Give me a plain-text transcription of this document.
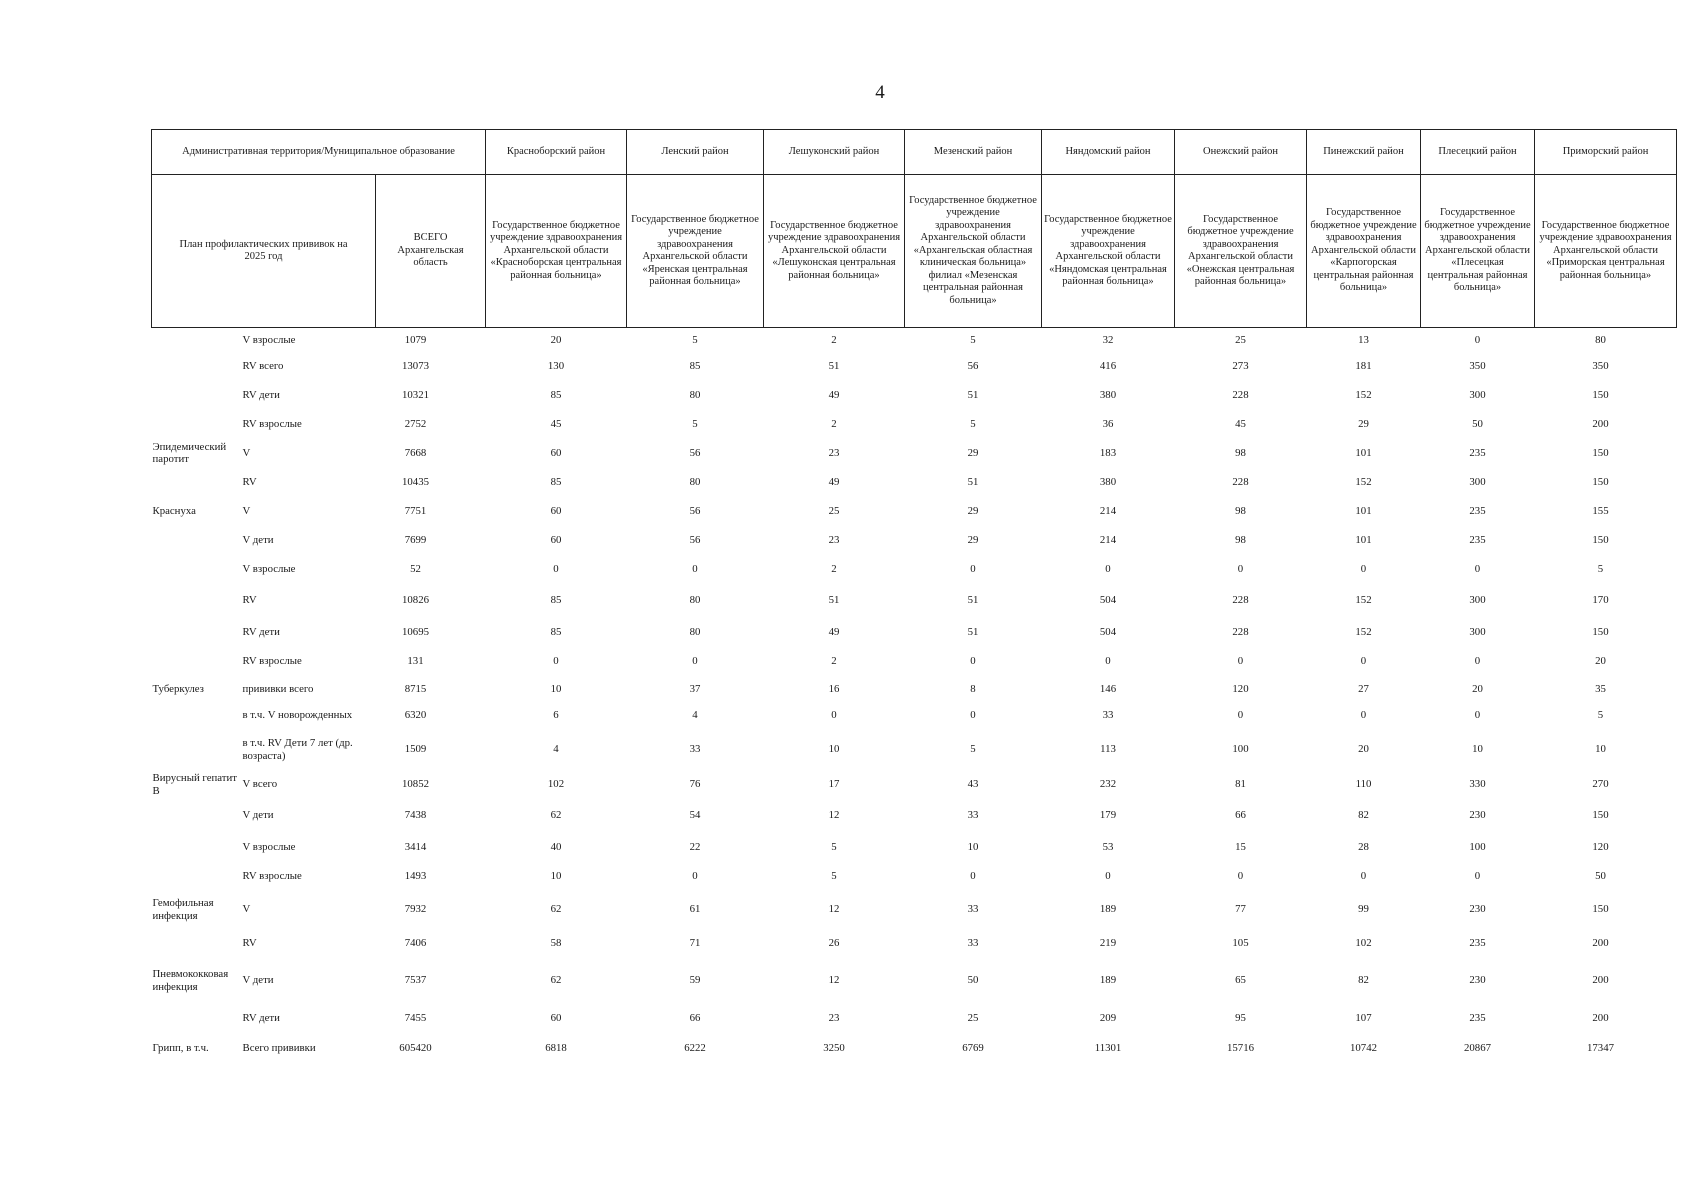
4
Административная территория/Муниципальное образование			Красноборский район	Ленский район	Лешуконский район	Мезенский район	Няндомский район	Онежский район	Пинежский район	Плесецкий район	Приморский район

План профилактических прививок на 2025 год		ВСЕГО Архангельская область	Государственное бюджетное учреждение здравоохранения Архангельской области «Красноборская центральная районная больница»	Государственное бюджетное учреждение здравоохранения Архангельской области «Яренская центральная районная больница»	Государственное бюджетное учреждение здравоохранения Архангельской области «Лешуконская центральная районная больница»	Государственное бюджетное учреждение здравоохранения Архангельской области «Архангельская областная клиническая больница» филиал «Мезенская центральная районная больница»	Государственное бюджетное учреждение здравоохранения Архангельской области «Няндомская центральная районная больница»	Государственное бюджетное учреждение здравоохранения Архангельской области «Онежская центральная районная больница»	Государственное бюджетное учреждение здравоохранения Архангельской области «Карпогорская центральная районная больница»	Государственное бюджетное учреждение здравоохранения Архангельской области «Плесецкая центральная районная больница»	Государственное бюджетное учреждение здравоохранения Архангельской области «Приморская центральная районная больница»
	V взрослые	1079	20	5	2	5	32	25	13	0	80
	RV всего	13073	130	85	51	56	416	273	181	350	350
	RV дети	10321	85	80	49	51	380	228	152	300	150
	RV взрослые	2752	45	5	2	5	36	45	29	50	200
Эпидемический паротит	V	7668	60	56	23	29	183	98	101	235	150
	RV	10435	85	80	49	51	380	228	152	300	150
Краснуха	V	7751	60	56	25	29	214	98	101	235	155
	V дети	7699	60	56	23	29	214	98	101	235	150
	V взрослые	52	0	0	2	0	0	0	0	0	5
	RV	10826	85	80	51	51	504	228	152	300	170
	RV дети	10695	85	80	49	51	504	228	152	300	150
	RV взрослые	131	0	0	2	0	0	0	0	0	20
Туберкулез	прививки всего	8715	10	37	16	8	146	120	27	20	35
	в т.ч. V новорожденных	6320	6	4	0	0	33	0	0	0	5
	в т.ч. RV Дети 7 лет (др. возраста)	1509	4	33	10	5	113	100	20	10	10
Вирусный гепатит В	V всего	10852	102	76	17	43	232	81	110	330	270
	V дети	7438	62	54	12	33	179	66	82	230	150
	V взрослые	3414	40	22	5	10	53	15	28	100	120
	RV взрослые	1493	10	0	5	0	0	0	0	0	50
Гемофильная инфекция	V	7932	62	61	12	33	189	77	99	230	150
	RV	7406	58	71	26	33	219	105	102	235	200
Пневмококковая инфекция	V дети	7537	62	59	12	50	189	65	82	230	200
	RV дети	7455	60	66	23	25	209	95	107	235	200
Грипп, в т.ч.	Всего прививки	605420	6818	6222	3250	6769	11301	15716	10742	20867	17347
